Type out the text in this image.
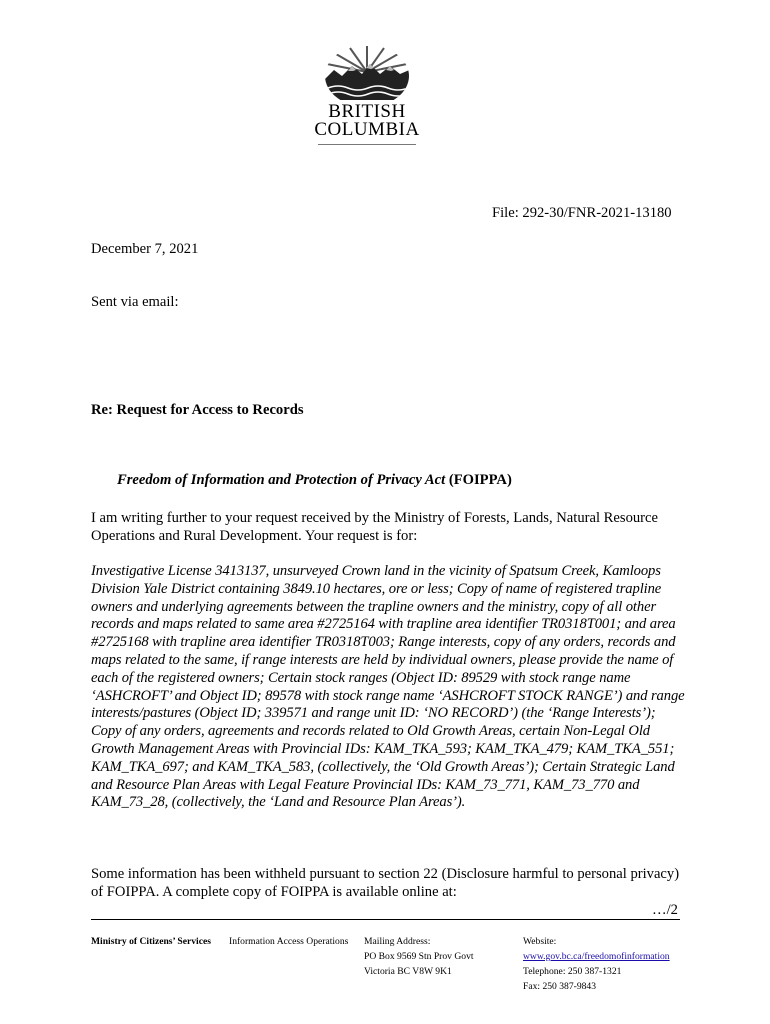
BRITISH
COLUMBIA
File: 292-30/FNR-2021-13180
December 7, 2021
Sent via email:
Re: Request for Access to Records
Freedom of Information and Protection of Privacy Act (FOIPPA)

I am writing further to your request received by the Ministry of Forests, Lands, Natural Resource Operations and Rural Development. Your request is for:

Investigative License 3413137, unsurveyed Crown land in the vicinity of Spatsum Creek, Kamloops Division Yale District containing 3849.10 hectares, ore or less; Copy of name of registered trapline owners and underlying agreements between the trapline owners and the ministry, copy of all other records and maps related to same area #2725164 with trapline area identifier TR0318T001; and area #2725168 with trapline area identifier TR0318T003; Range interests, copy of any orders, records and maps related to the same, if range interests are held by individual owners, please provide the name of each of the registered owners; Certain stock ranges (Object ID: 89529 with stock range name ‘ASHCROFT’ and Object ID; 89578 with stock range name ‘ASHCROFT STOCK RANGE’) and range interests/pastures (Object ID; 339571 and range unit ID: ‘NO RECORD’) (the ‘Range Interests’); Copy of any orders, agreements and records related to Old Growth Areas, certain Non-Legal Old Growth Management Areas with Provincial IDs: KAM_TKA_593; KAM_TKA_479; KAM_TKA_551; KAM_TKA_697; and KAM_TKA_583, (collectively, the ‘Old Growth Areas’); Certain Strategic Land and Resource Plan Areas with Legal Feature Provincial IDs: KAM_73_771, KAM_73_770 and KAM_73_28, (collectively, the ‘Land and Resource Plan Areas’).

Some information has been withheld pursuant to section 22 (Disclosure harmful to personal privacy) of FOIPPA. A complete copy of FOIPPA is available online at:

…/2
Ministry of Citizens’ Services Information Access Operations Mailing Address:
PO Box 9569 Stn Prov Govt
Victoria BC V8W 9K1
Website:
www.gov.bc.ca/freedomofinformation
Telephone: 250 387-1321
Fax: 250 387-9843
